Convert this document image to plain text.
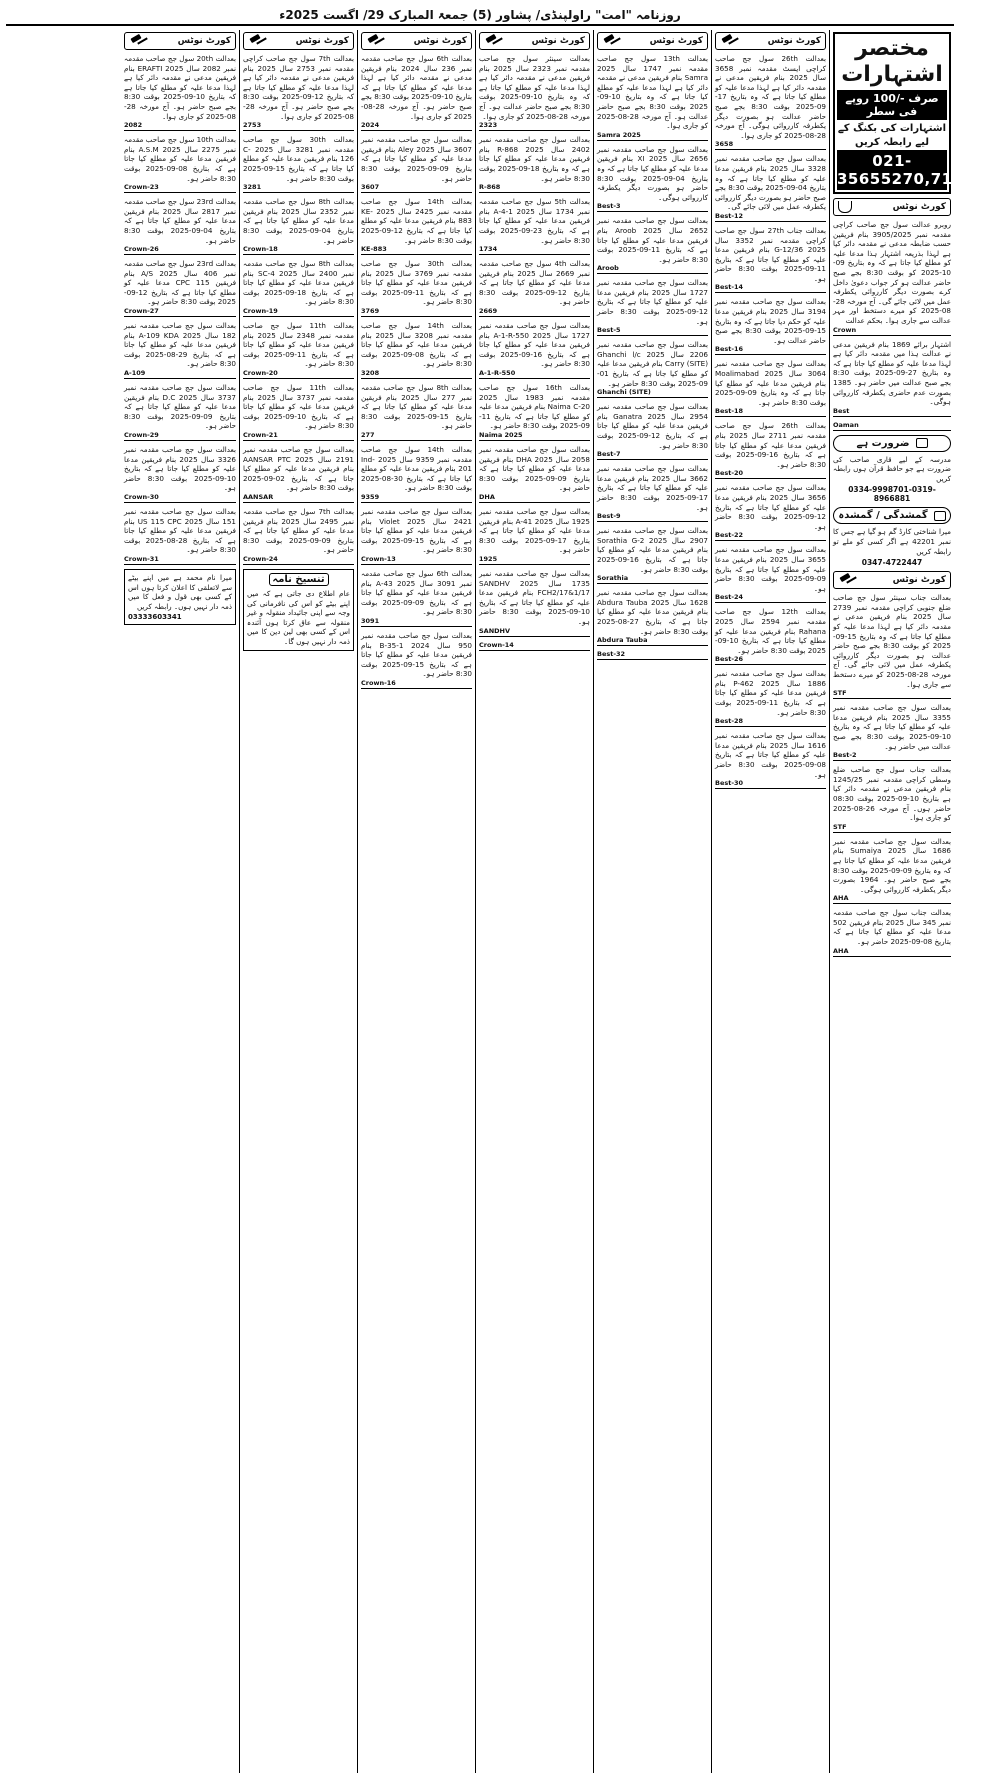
روزنامہ "امت" راولپنڈی/ پشاور (5) جمعۃ المبارک 29/ اگست 2025ء
مختصر اشتہارات
صرف -/100 روپے فی سطر
اشتہارات کی بکنگ کے لیے رابطہ کریں
021-35655270,71,72
کورٹ نوٹس

روبرو عدالت سول جج صاحب کراچی مقدمہ نمبر 3905/2025 بنام فریقین حسب ضابطہ مدعی نے مقدمہ دائر کیا ہے لہذا بذریعہ اشتہار ہذا مدعا علیہ کو مطلع کیا جاتا ہے کہ وہ بتاریخ 09-10-2025 کو بوقت 8:30 بجے صبح حاضر عدالت ہو کر جواب دعویٰ داخل کرے بصورت دیگر کارروائی یکطرفہ عمل میں لائی جائے گی۔ آج مورخہ 28-08-2025 کو میرے دستخط اور مہر عدالت سے جاری ہوا۔ بحکم عدالت

Crown

اشتہار برائے 1869 بنام فریقین مدعی نے عدالت ہذا میں مقدمہ دائر کیا ہے لہذا مدعا علیہ کو مطلع کیا جاتا ہے کہ وہ بتاریخ 27-09-2025 بوقت 8:30 بجے صبح عدالت میں حاضر ہو۔ 1385 بصورت عدم حاضری یکطرفہ کارروائی ہوگی۔

Best
Oaman
ضرورت ہے

مدرسہ کے لیے قاری صاحب کی ضرورت ہے جو حافظ قرآن ہوں رابطہ کریں

0334-9998701-0319-8966881
گمشدگی / گمشدہ

میرا شناختی کارڈ گم ہو گیا ہے جس کا نمبر 42201 ہے اگر کسی کو ملے تو رابطہ کریں

0347-4722447
کورٹ نوٹس

بعدالت جناب سینئر سول جج صاحب ضلع جنوبی کراچی مقدمہ نمبر 2739 سال 2025 بنام فریقین مدعی نے مقدمہ دائر کیا ہے لہذا مدعا علیہ کو مطلع کیا جاتا ہے کہ وہ بتاریخ 15-09-2025 کو بوقت 8:30 بجے صبح حاضر عدالت ہو بصورت دیگر کارروائی یکطرفہ عمل میں لائی جائے گی۔ آج مورخہ 28-08-2025 کو میرے دستخط سے جاری ہوا۔

STF

بعدالت سول جج صاحب مقدمہ نمبر 3355 سال 2025 بنام فریقین مدعا علیہ کو مطلع کیا جاتا ہے کہ وہ بتاریخ 10-09-2025 بوقت 8:30 بجے صبح عدالت میں حاضر ہو۔

Best-2

بعدالت جناب سول جج صاحب ضلع وسطی کراچی مقدمہ نمبر 1245/25 بنام فریقین مدعی نے مقدمہ دائر کیا ہے بتاریخ 10-09-2025 بوقت 08:30 حاضر ہوں۔ آج مورخہ 26-08-2025 کو جاری ہوا۔

STF

بعدالت سول جج صاحب مقدمہ نمبر 1686 سال 2025 Sumaiya بنام فریقین مدعا علیہ کو مطلع کیا جاتا ہے کہ وہ بتاریخ 09-09-2025 بوقت 8:30 بجے صبح حاضر ہو۔ 1964 بصورت دیگر یکطرفہ کارروائی ہوگی۔

AHA

بعدالت جناب سول جج صاحب مقدمہ نمبر 345 سال 2025 بنام فریقین 502 مدعا علیہ کو مطلع کیا جاتا ہے کہ بتاریخ 08-09-2025 حاضر ہو۔

AHA
کورٹ نوٹس

بعدالت 26th سول جج صاحب کراچی ایسٹ مقدمہ نمبر 3658 سال 2025 بنام فریقین مدعی نے مقدمہ دائر کیا ہے لہذا مدعا علیہ کو مطلع کیا جاتا ہے کہ وہ بتاریخ 17-09-2025 بوقت 8:30 بجے صبح حاضر عدالت ہو بصورت دیگر یکطرفہ کارروائی ہوگی۔ آج مورخہ 28-08-2025 کو جاری ہوا۔

3658

بعدالت سول جج صاحب مقدمہ نمبر 3328 سال 2025 بنام فریقین مدعا علیہ کو مطلع کیا جاتا ہے کہ وہ بتاریخ 04-09-2025 بوقت 8:30 بجے صبح حاضر ہو بصورت دیگر کارروائی یکطرفہ عمل میں لائی جائے گی۔

Best-12

بعدالت جناب 27th سول جج صاحب کراچی مقدمہ نمبر 3352 سال 2025 G-12/36 بنام فریقین مدعا علیہ کو مطلع کیا جاتا ہے کہ بتاریخ 11-09-2025 بوقت 8:30 حاضر ہو۔

Best-14

بعدالت سول جج صاحب مقدمہ نمبر 3194 سال 2025 بنام فریقین مدعا علیہ کو حکم دیا جاتا ہے کہ وہ بتاریخ 15-09-2025 بوقت 8:30 بجے صبح حاضر عدالت ہو۔

Best-16

بعدالت سول جج صاحب مقدمہ نمبر 3064 سال 2025 Moalimabad بنام فریقین مدعا علیہ کو مطلع کیا جاتا ہے کہ وہ بتاریخ 09-09-2025 بوقت 8:30 حاضر ہو۔

Best-18

بعدالت 26th سول جج صاحب مقدمہ نمبر 2711 سال 2025 بنام فریقین مدعا علیہ کو مطلع کیا جاتا ہے کہ بتاریخ 16-09-2025 بوقت 8:30 حاضر ہو۔

Best-20

بعدالت سول جج صاحب مقدمہ نمبر 3656 سال 2025 بنام فریقین مدعا علیہ کو مطلع کیا جاتا ہے کہ بتاریخ 12-09-2025 بوقت 8:30 حاضر ہو۔

Best-22

بعدالت سول جج صاحب مقدمہ نمبر 3655 سال 2025 بنام فریقین مدعا علیہ کو مطلع کیا جاتا ہے کہ بتاریخ 09-09-2025 بوقت 8:30 حاضر ہو۔

Best-24

بعدالت 12th سول جج صاحب مقدمہ نمبر 2594 سال 2025 Rahana بنام فریقین مدعا علیہ کو مطلع کیا جاتا ہے کہ بتاریخ 10-09-2025 بوقت 8:30 حاضر ہو۔

Best-26

بعدالت سول جج صاحب مقدمہ نمبر 1886 سال 2025 P-462 بنام فریقین مدعا علیہ کو مطلع کیا جاتا ہے کہ بتاریخ 11-09-2025 بوقت 8:30 حاضر ہو۔

Best-28

بعدالت سول جج صاحب مقدمہ نمبر 1616 سال 2025 بنام فریقین مدعا علیہ کو مطلع کیا جاتا ہے کہ بتاریخ 08-09-2025 بوقت 8:30 حاضر ہو۔

Best-30
کورٹ نوٹس

بعدالت 13th سول جج صاحب مقدمہ نمبر 1747 سال 2025 Samra بنام فریقین مدعی نے مقدمہ دائر کیا ہے لہذا مدعا علیہ کو مطلع کیا جاتا ہے کہ وہ بتاریخ 10-09-2025 بوقت 8:30 بجے صبح حاضر عدالت ہو۔ آج مورخہ 28-08-2025 کو جاری ہوا۔

Samra 2025

بعدالت سول جج صاحب مقدمہ نمبر 2656 سال 2025 XI بنام فریقین مدعا علیہ کو مطلع کیا جاتا ہے کہ وہ بتاریخ 04-09-2025 بوقت 8:30 حاضر ہو بصورت دیگر یکطرفہ کارروائی ہوگی۔

Best-3

بعدالت سول جج صاحب مقدمہ نمبر 2652 سال 2025 Aroob بنام فریقین مدعا علیہ کو مطلع کیا جاتا ہے کہ بتاریخ 11-09-2025 بوقت 8:30 حاضر ہو۔

Aroob

بعدالت سول جج صاحب مقدمہ نمبر 1727 سال 2025 بنام فریقین مدعا علیہ کو مطلع کیا جاتا ہے کہ بتاریخ 12-09-2025 بوقت 8:30 حاضر ہو۔

Best-5

بعدالت سول جج صاحب مقدمہ نمبر 2206 سال 2025 Ghanchi l/c Carry (SITE) بنام فریقین مدعا علیہ کو مطلع کیا جاتا ہے کہ بتاریخ 01-09-2025 بوقت 8:30 حاضر ہو۔

Ghanchi (SITE)

بعدالت سول جج صاحب مقدمہ نمبر 2954 سال 2025 Ganatra بنام فریقین مدعا علیہ کو مطلع کیا جاتا ہے کہ بتاریخ 12-09-2025 بوقت 8:30 حاضر ہو۔

Best-7

بعدالت سول جج صاحب مقدمہ نمبر 3662 سال 2025 بنام فریقین مدعا علیہ کو مطلع کیا جاتا ہے کہ بتاریخ 17-09-2025 بوقت 8:30 حاضر ہو۔

Best-9

بعدالت سول جج صاحب مقدمہ نمبر 2907 سال 2025 Sorathia G-2 بنام فریقین مدعا علیہ کو مطلع کیا جاتا ہے کہ بتاریخ 16-09-2025 بوقت 8:30 حاضر ہو۔

Sorathia

بعدالت سول جج صاحب مقدمہ نمبر 1628 سال 2025 Abdura Tauba بنام فریقین مدعا علیہ کو مطلع کیا جاتا ہے کہ بتاریخ 27-08-2025 بوقت 8:30 حاضر ہو۔

Abdura Tauba
Best-32
کورٹ نوٹس

بعدالت سینئر سول جج صاحب مقدمہ نمبر 2323 سال 2025 بنام فریقین مدعی نے مقدمہ دائر کیا ہے لہذا مدعا علیہ کو مطلع کیا جاتا ہے کہ وہ بتاریخ 10-09-2025 بوقت 8:30 بجے صبح حاضر عدالت ہو۔ آج مورخہ 28-08-2025 کو جاری ہوا۔

2323

بعدالت سول جج صاحب مقدمہ نمبر 2402 سال 2025 R-868 بنام فریقین مدعا علیہ کو مطلع کیا جاتا ہے کہ وہ بتاریخ 18-09-2025 بوقت 8:30 حاضر ہو۔

R-868

بعدالت 5th سول جج صاحب مقدمہ نمبر 1734 سال 2025 1-4-A بنام فریقین مدعا علیہ کو مطلع کیا جاتا ہے کہ بتاریخ 23-09-2025 بوقت 8:30 حاضر ہو۔

1734

بعدالت 4th سول جج صاحب مقدمہ نمبر 2669 سال 2025 بنام فریقین مدعا علیہ کو مطلع کیا جاتا ہے کہ بتاریخ 12-09-2025 بوقت 8:30 حاضر ہو۔

2669

بعدالت سول جج صاحب مقدمہ نمبر 1727 سال 2025 A-1-R-550 بنام فریقین مدعا علیہ کو مطلع کیا جاتا ہے کہ بتاریخ 16-09-2025 بوقت 8:30 حاضر ہو۔

A-1-R-550

بعدالت 16th سول جج صاحب مقدمہ نمبر 1983 سال 2025 Naima C-20 بنام فریقین مدعا علیہ کو مطلع کیا جاتا ہے کہ بتاریخ 11-09-2025 بوقت 8:30 حاضر ہو۔

Naima 2025

بعدالت سول جج صاحب مقدمہ نمبر 2058 سال 2025 DHA بنام فریقین مدعا علیہ کو مطلع کیا جاتا ہے کہ بتاریخ 09-09-2025 بوقت 8:30 حاضر ہو۔

DHA

بعدالت سول جج صاحب مقدمہ نمبر 1925 سال 2025 A-41 بنام فریقین مدعا علیہ کو مطلع کیا جاتا ہے کہ بتاریخ 17-09-2025 بوقت 8:30 حاضر ہو۔

1925

بعدالت سول جج صاحب مقدمہ نمبر 1735 سال 2025 SANDHV FCH2/17&1/17 بنام فریقین مدعا علیہ کو مطلع کیا جاتا ہے کہ بتاریخ 10-09-2025 بوقت 8:30 حاضر ہو۔

SANDHV
Crown-14
کورٹ نوٹس

بعدالت 6th سول جج صاحب مقدمہ نمبر 236 سال 2024 بنام فریقین مدعی نے مقدمہ دائر کیا ہے لہذا مدعا علیہ کو مطلع کیا جاتا ہے کہ بتاریخ 10-09-2025 بوقت 8:30 بجے صبح حاضر ہو۔ آج مورخہ 28-08-2025 کو جاری ہوا۔

2024

بعدالت سول جج صاحب مقدمہ نمبر 3607 سال 2025 Aley بنام فریقین مدعا علیہ کو مطلع کیا جاتا ہے کہ بتاریخ 09-09-2025 بوقت 8:30 حاضر ہو۔

3607

بعدالت 14th سول جج صاحب مقدمہ نمبر 2425 سال 2025 KE-883 بنام فریقین مدعا علیہ کو مطلع کیا جاتا ہے کہ بتاریخ 12-09-2025 بوقت 8:30 حاضر ہو۔

KE-883

بعدالت 30th سول جج صاحب مقدمہ نمبر 3769 سال 2025 بنام فریقین مدعا علیہ کو مطلع کیا جاتا ہے کہ بتاریخ 11-09-2025 بوقت 8:30 حاضر ہو۔

3769

بعدالت 14th سول جج صاحب مقدمہ نمبر 3208 سال 2025 بنام فریقین مدعا علیہ کو مطلع کیا جاتا ہے کہ بتاریخ 08-09-2025 بوقت 8:30 حاضر ہو۔

3208

بعدالت 8th سول جج صاحب مقدمہ نمبر 277 سال 2025 بنام فریقین مدعا علیہ کو مطلع کیا جاتا ہے کہ بتاریخ 15-09-2025 بوقت 8:30 حاضر ہو۔

277

بعدالت 14th سول جج صاحب مقدمہ نمبر 9359 سال 2025 Ind-201 بنام فریقین مدعا علیہ کو مطلع کیا جاتا ہے کہ بتاریخ 30-08-2025 بوقت 8:30 حاضر ہو۔

9359

بعدالت سول جج صاحب مقدمہ نمبر 2421 سال 2025 Violet بنام فریقین مدعا علیہ کو مطلع کیا جاتا ہے کہ بتاریخ 15-09-2025 بوقت 8:30 حاضر ہو۔

Crown-13

بعدالت 6th سول جج صاحب مقدمہ نمبر 3091 سال 2025 43-A بنام فریقین مدعا علیہ کو مطلع کیا جاتا ہے کہ بتاریخ 09-09-2025 بوقت 8:30 حاضر ہو۔

3091

بعدالت سول جج صاحب مقدمہ نمبر 950 سال 2024 1-35-B بنام فریقین مدعا علیہ کو مطلع کیا جاتا ہے کہ بتاریخ 15-09-2025 بوقت 8:30 حاضر ہو۔

Crown-16
کورٹ نوٹس

بعدالت 7th سول جج صاحب کراچی مقدمہ نمبر 2753 سال 2025 بنام فریقین مدعی نے مقدمہ دائر کیا ہے لہذا مدعا علیہ کو مطلع کیا جاتا ہے کہ بتاریخ 12-09-2025 بوقت 8:30 بجے صبح حاضر ہو۔ آج مورخہ 28-08-2025 کو جاری ہوا۔

2753

بعدالت 30th سول جج صاحب مقدمہ نمبر 3281 سال 2025 C-126 بنام فریقین مدعا علیہ کو مطلع کیا جاتا ہے کہ بتاریخ 15-09-2025 بوقت 8:30 حاضر ہو۔

3281

بعدالت 8th سول جج صاحب مقدمہ نمبر 2352 سال 2025 بنام فریقین مدعا علیہ کو مطلع کیا جاتا ہے کہ بتاریخ 04-09-2025 بوقت 8:30 حاضر ہو۔

Crown-18

بعدالت 8th سول جج صاحب مقدمہ نمبر 2400 سال 2025 SC-4 بنام فریقین مدعا علیہ کو مطلع کیا جاتا ہے کہ بتاریخ 18-09-2025 بوقت 8:30 حاضر ہو۔

Crown-19

بعدالت 11th سول جج صاحب مقدمہ نمبر 2348 سال 2025 بنام فریقین مدعا علیہ کو مطلع کیا جاتا ہے کہ بتاریخ 11-09-2025 بوقت 8:30 حاضر ہو۔

Crown-20

بعدالت 11th سول جج صاحب مقدمہ نمبر 3737 سال 2025 بنام فریقین مدعا علیہ کو مطلع کیا جاتا ہے کہ بتاریخ 10-09-2025 بوقت 8:30 حاضر ہو۔

Crown-21

بعدالت سول جج صاحب مقدمہ نمبر 2191 سال 2025 AANSAR PTC بنام فریقین مدعا علیہ کو مطلع کیا جاتا ہے کہ بتاریخ 02-09-2025 بوقت 8:30 حاضر ہو۔

AANSAR

بعدالت 7th سول جج صاحب مقدمہ نمبر 2495 سال 2025 بنام فریقین مدعا علیہ کو مطلع کیا جاتا ہے کہ بتاریخ 09-09-2025 بوقت 8:30 حاضر ہو۔

Crown-24
تنسیخ نامہ

عام اطلاع دی جاتی ہے کہ میں اپنے بیٹے کو اس کی نافرمانی کی وجہ سے اپنی جائیداد منقولہ و غیر منقولہ سے عاق کرتا ہوں آئندہ اس کے کسی بھی لین دین کا میں ذمہ دار نہیں ہوں گا۔

کورٹ نوٹس

بعدالت 20th سول جج صاحب مقدمہ نمبر 2082 سال 2025 ERAFTI بنام فریقین مدعی نے مقدمہ دائر کیا ہے لہذا مدعا علیہ کو مطلع کیا جاتا ہے کہ بتاریخ 10-09-2025 بوقت 8:30 بجے صبح حاضر ہو۔ آج مورخہ 28-08-2025 کو جاری ہوا۔

2082

بعدالت 10th سول جج صاحب مقدمہ نمبر 2275 سال 2025 A.S.M بنام فریقین مدعا علیہ کو مطلع کیا جاتا ہے کہ بتاریخ 08-09-2025 بوقت 8:30 حاضر ہو۔

Crown-23

بعدالت 23rd سول جج صاحب مقدمہ نمبر 2817 سال 2025 بنام فریقین مدعا علیہ کو مطلع کیا جاتا ہے کہ بتاریخ 04-09-2025 بوقت 8:30 حاضر ہو۔

Crown-26

بعدالت 23rd سول جج صاحب مقدمہ نمبر 406 سال 2025 A/S بنام فریقین CPC 115 مدعا علیہ کو مطلع کیا جاتا ہے کہ بتاریخ 12-09-2025 بوقت 8:30 حاضر ہو۔

Crown-27

بعدالت سول جج صاحب مقدمہ نمبر 182 سال 2025 A-109 KDA بنام فریقین مدعا علیہ کو مطلع کیا جاتا ہے کہ بتاریخ 29-08-2025 بوقت 8:30 حاضر ہو۔

A-109

بعدالت سول جج صاحب مقدمہ نمبر 3737 سال 2025 D.C بنام فریقین مدعا علیہ کو مطلع کیا جاتا ہے کہ بتاریخ 09-09-2025 بوقت 8:30 حاضر ہو۔

Crown-29

بعدالت سول جج صاحب مقدمہ نمبر 3326 سال 2025 بنام فریقین مدعا علیہ کو مطلع کیا جاتا ہے کہ بتاریخ 10-09-2025 بوقت 8:30 حاضر ہو۔

Crown-30

بعدالت سول جج صاحب مقدمہ نمبر 151 سال 2025 US 115 CPC بنام فریقین مدعا علیہ کو مطلع کیا جاتا ہے کہ بتاریخ 28-08-2025 بوقت 8:30 حاضر ہو۔

Crown-31

میرا نام محمد ہے میں اپنے بیٹے سے لاتعلقی کا اعلان کرتا ہوں اس کے کسی بھی قول و فعل کا میں ذمہ دار نہیں ہوں۔ رابطہ کریں

03333603341
